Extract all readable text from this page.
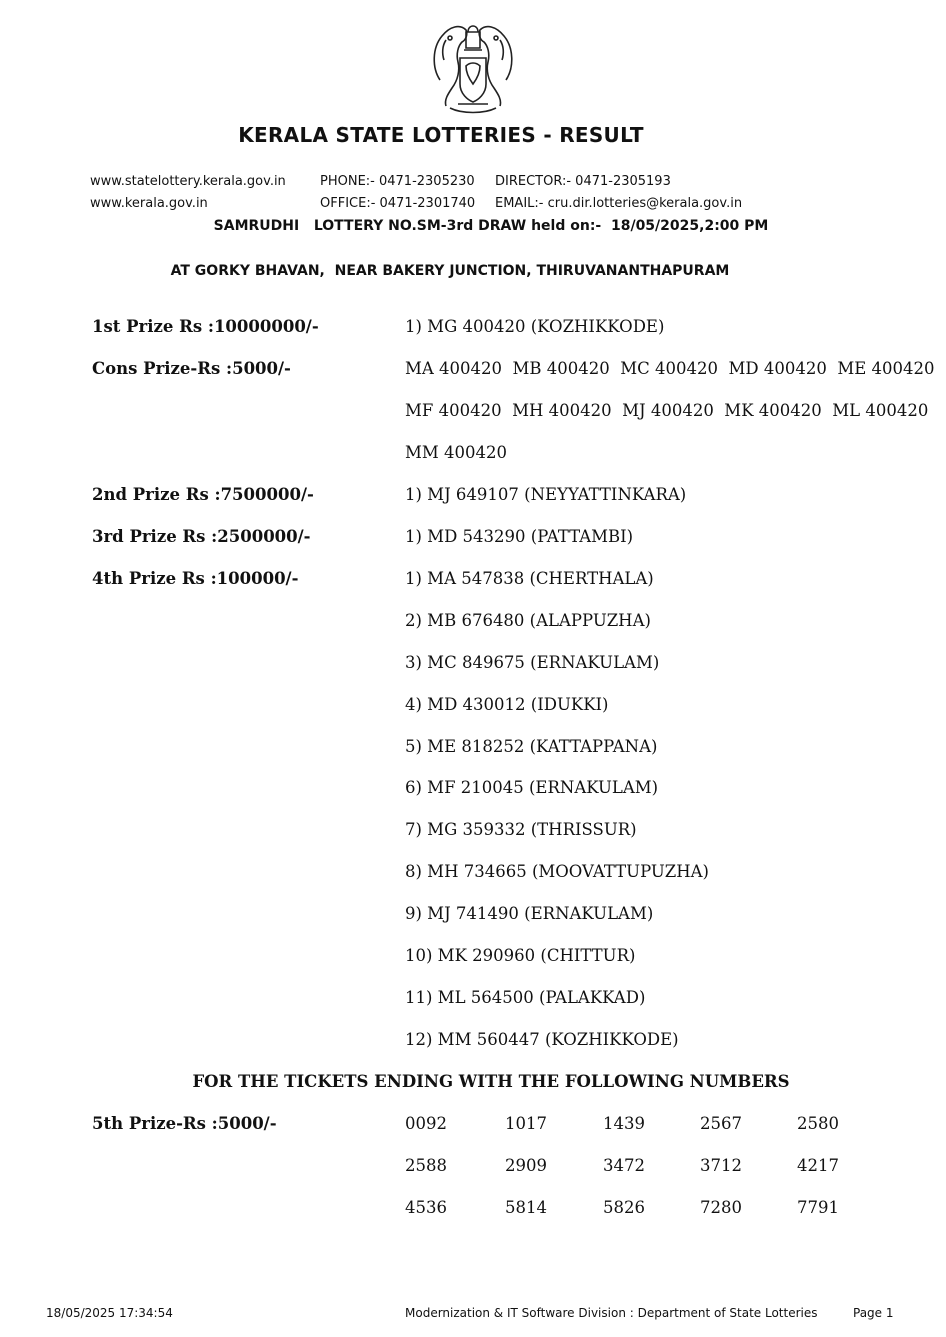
KERALA STATE LOTTERIES - RESULT
www.statelottery.kerala.gov.in
www.kerala.gov.in
PHONE:- 0471-2305230
OFFICE:- 0471-2301740
DIRECTOR:- 0471-2305193
EMAIL:- cru.dir.lotteries@kerala.gov.in
SAMRUDHI   LOTTERY NO.SM-3rd DRAW held on:-  18/05/2025,2:00 PM
AT GORKY BHAVAN,  NEAR BAKERY JUNCTION, THIRUVANANTHAPURAM
1st Prize Rs :10000000/-	1) MG 400420 (KOZHIKKODE)
Cons Prize-Rs :5000/-	MA 400420  MB 400420  MC 400420  MD 400420  ME 400420
MF 400420  MH 400420  MJ 400420  MK 400420  ML 400420
MM 400420
2nd Prize Rs :7500000/-	1) MJ 649107 (NEYYATTINKARA)
3rd Prize Rs :2500000/-	1) MD 543290 (PATTAMBI)
4th Prize Rs :100000/-	1) MA 547838 (CHERTHALA)
2) MB 676480 (ALAPPUZHA)
3) MC 849675 (ERNAKULAM)
4) MD 430012 (IDUKKI)
5) ME 818252 (KATTAPPANA)
6) MF 210045 (ERNAKULAM)
7) MG 359332 (THRISSUR)
8) MH 734665 (MOOVATTUPUZHA)
9) MJ 741490 (ERNAKULAM)
10) MK 290960 (CHITTUR)
11) ML 564500 (PALAKKAD)
12) MM 560447 (KOZHIKKODE)
FOR THE TICKETS ENDING WITH THE FOLLOWING NUMBERS
5th Prize-Rs :5000/-	0092	1017	1439	2567	2580
2588	2909	3472	3712	4217
4536	5814	5826	7280	7791
18/05/2025 17:34:54	Modernization & IT Software Division : Department of State Lotteries	Page 1
